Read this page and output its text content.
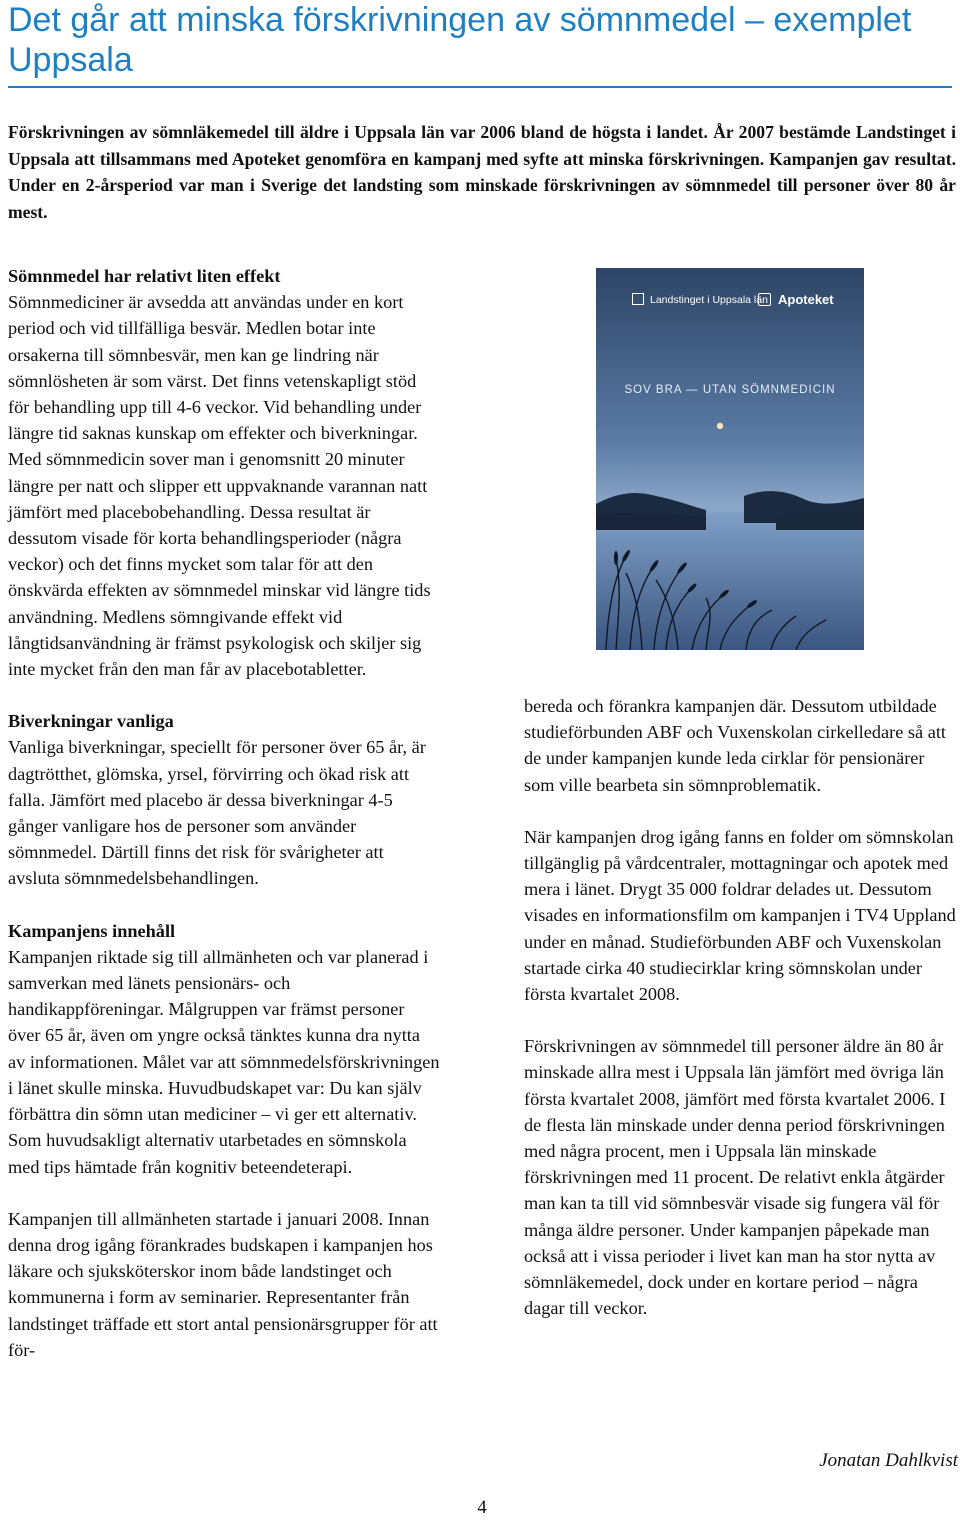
Det går att minska förskrivningen av sömnmedel – exemplet Uppsala

Förskrivningen av sömnläkemedel till äldre i Uppsala län var 2006 bland de högsta i landet. År 2007 bestämde Landstinget i Uppsala att tillsammans med Apoteket genomföra en kampanj med syfte att minska förskrivningen. Kampanjen gav resultat. Under en 2-årsperiod var man i Sverige det landsting som minskade förskrivningen av sömnmedel till personer över 80 år mest.

Sömnmedel har relativt liten effekt
Sömnmediciner är avsedda att användas under en kort period och vid tillfälliga besvär. Medlen botar inte orsakerna till sömnbesvär, men kan ge lindring när sömnlösheten är som värst. Det finns vetenskapligt stöd för behandling upp till 4-6 veckor. Vid behandling under längre tid saknas kunskap om effekter och biverkningar. Med sömnmedicin sover man i genomsnitt 20 minuter längre per natt och slipper ett uppvaknande varannan natt jämfört med placebobehandling. Dessa resultat är dessutom visade för korta behandlingsperioder (några veckor) och det finns mycket som talar för att den önskvärda effekten av sömnmedel minskar vid längre tids användning. Medlens sömngivande effekt vid långtidsanvändning är främst psykologisk och skiljer sig inte mycket från den man får av placebotabletter.
Biverkningar vanliga
Vanliga biverkningar, speciellt för personer över 65 år, är dagtrötthet, glömska, yrsel, förvirring och ökad risk att falla. Jämfört med placebo är dessa biverkningar 4-5 gånger vanligare hos de personer som använder sömnmedel. Därtill finns det risk för svårigheter att avsluta sömnmedelsbehandlingen.
Kampanjens innehåll
Kampanjen riktade sig till allmänheten och var planerad i samverkan med länets pensionärs- och handikappföreningar. Målgruppen var främst personer över 65 år, även om yngre också tänktes kunna dra nytta av informationen. Målet var att sömnmedelsförskrivningen i länet skulle minska. Huvudbudskapet var: Du kan själv förbättra din sömn utan mediciner – vi ger ett alternativ. Som huvudsakligt alternativ utarbetades en sömnskola med tips hämtade från kognitiv beteendeterapi.
Kampanjen till allmänheten startade i januari 2008. Innan denna drog igång förankrades budskapen i kampanjen hos läkare och sjuksköterskor inom både landstinget och kommunerna i form av seminarier. Representanter från landstinget träffade ett stort antal pensionärsgrupper för att för-
Landstinget i Uppsala län Apoteket
SOV BRA — UTAN SÖMNMEDICIN
bereda och förankra kampanjen där. Dessutom utbildade studieförbunden ABF och Vuxenskolan cirkelledare så att de under kampanjen kunde leda cirklar för pensionärer som ville bearbeta sin sömnproblematik.
När kampanjen drog igång fanns en folder om sömnskolan tillgänglig på vårdcentraler, mottagningar och apotek med mera i länet. Drygt 35 000 foldrar delades ut. Dessutom visades en informationsfilm om kampanjen i TV4 Uppland under en månad. Studieförbunden ABF och Vuxenskolan startade cirka 40 studiecirklar kring sömnskolan under första kvartalet 2008.
Förskrivningen av sömnmedel till personer äldre än 80 år minskade allra mest i Uppsala län jämfört med övriga län första kvartalet 2008, jämfört med första kvartalet 2006. I de flesta län minskade under denna period förskrivningen med några procent, men i Uppsala län minskade förskrivningen med 11 procent. De relativt enkla åtgärder man kan ta till vid sömnbesvär visade sig fungera väl för många äldre personer. Under kampanjen påpekade man också att i vissa perioder i livet kan man ha stor nytta av sömnläkemedel, dock under en kortare period – några dagar till veckor.
Jonatan Dahlkvist
4
